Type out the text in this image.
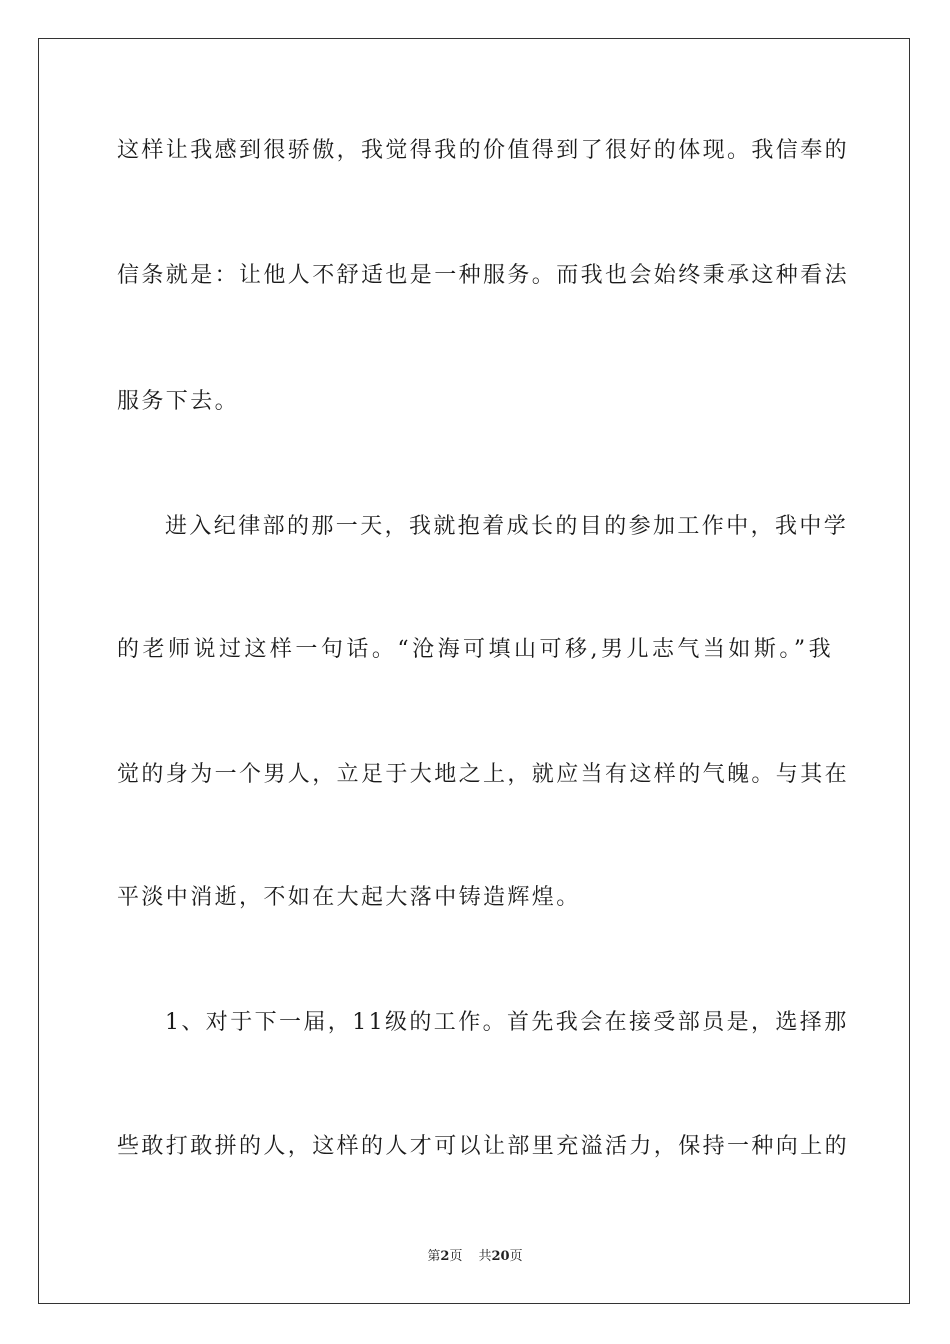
这样让我感到很骄傲，我觉得我的价值得到了很好的体现。我信奉的
信条就是：让他人不舒适也是一种服务。而我也会始终秉承这种看法
服务下去。
进入纪律部的那一天，我就抱着成长的目的参加工作中，我中学
的老师说过这样一句话。“沧海可填山可移,男儿志气当如斯。”我
觉的身为一个男人，立足于大地之上，就应当有这样的气魄。与其在
平淡中消逝，不如在大起大落中铸造辉煌。
1、对于下一届，11级的工作。首先我会在接受部员是，选择那
些敢打敢拼的人，这样的人才可以让部里充溢活力，保持一种向上的
第2页 共20页
